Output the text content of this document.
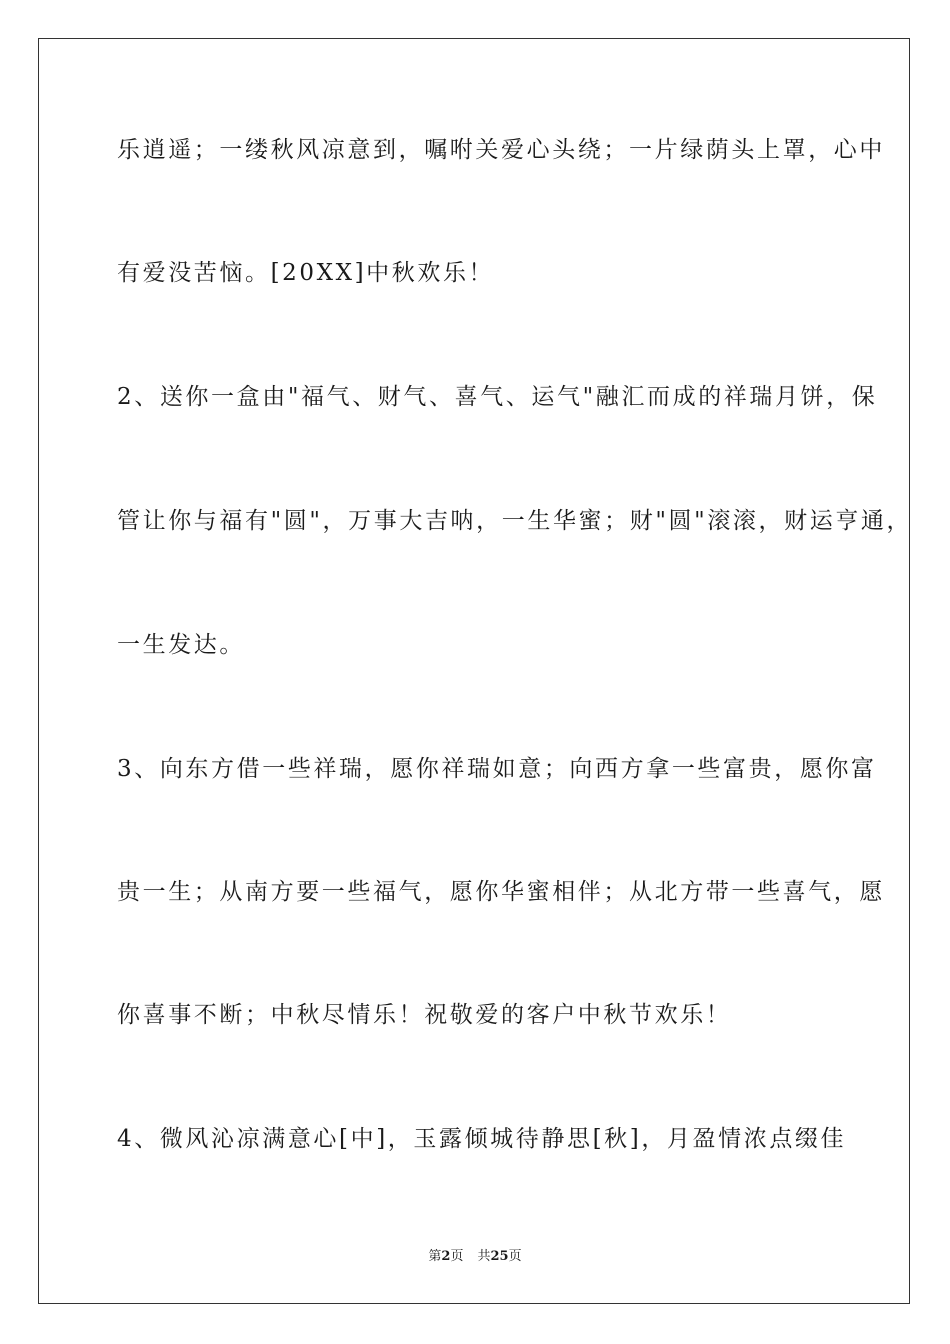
乐逍遥；一缕秋风凉意到，嘱咐关爱心头绕；一片绿荫头上罩，心中
有爱没苦恼。[20XX]中秋欢乐！
2、送你一盒由"福气、财气、喜气、运气"融汇而成的祥瑞月饼，保
管让你与福有"圆"，万事大吉呐，一生华蜜；财"圆"滚滚，财运亨通，
一生发达。
3、向东方借一些祥瑞，愿你祥瑞如意；向西方拿一些富贵，愿你富
贵一生；从南方要一些福气，愿你华蜜相伴；从北方带一些喜气，愿
你喜事不断；中秋尽情乐！祝敬爱的客户中秋节欢乐！
4、微风沁凉满意心[中]，玉露倾城待静思[秋]，月盈情浓点缀佳
第2页 共25页
